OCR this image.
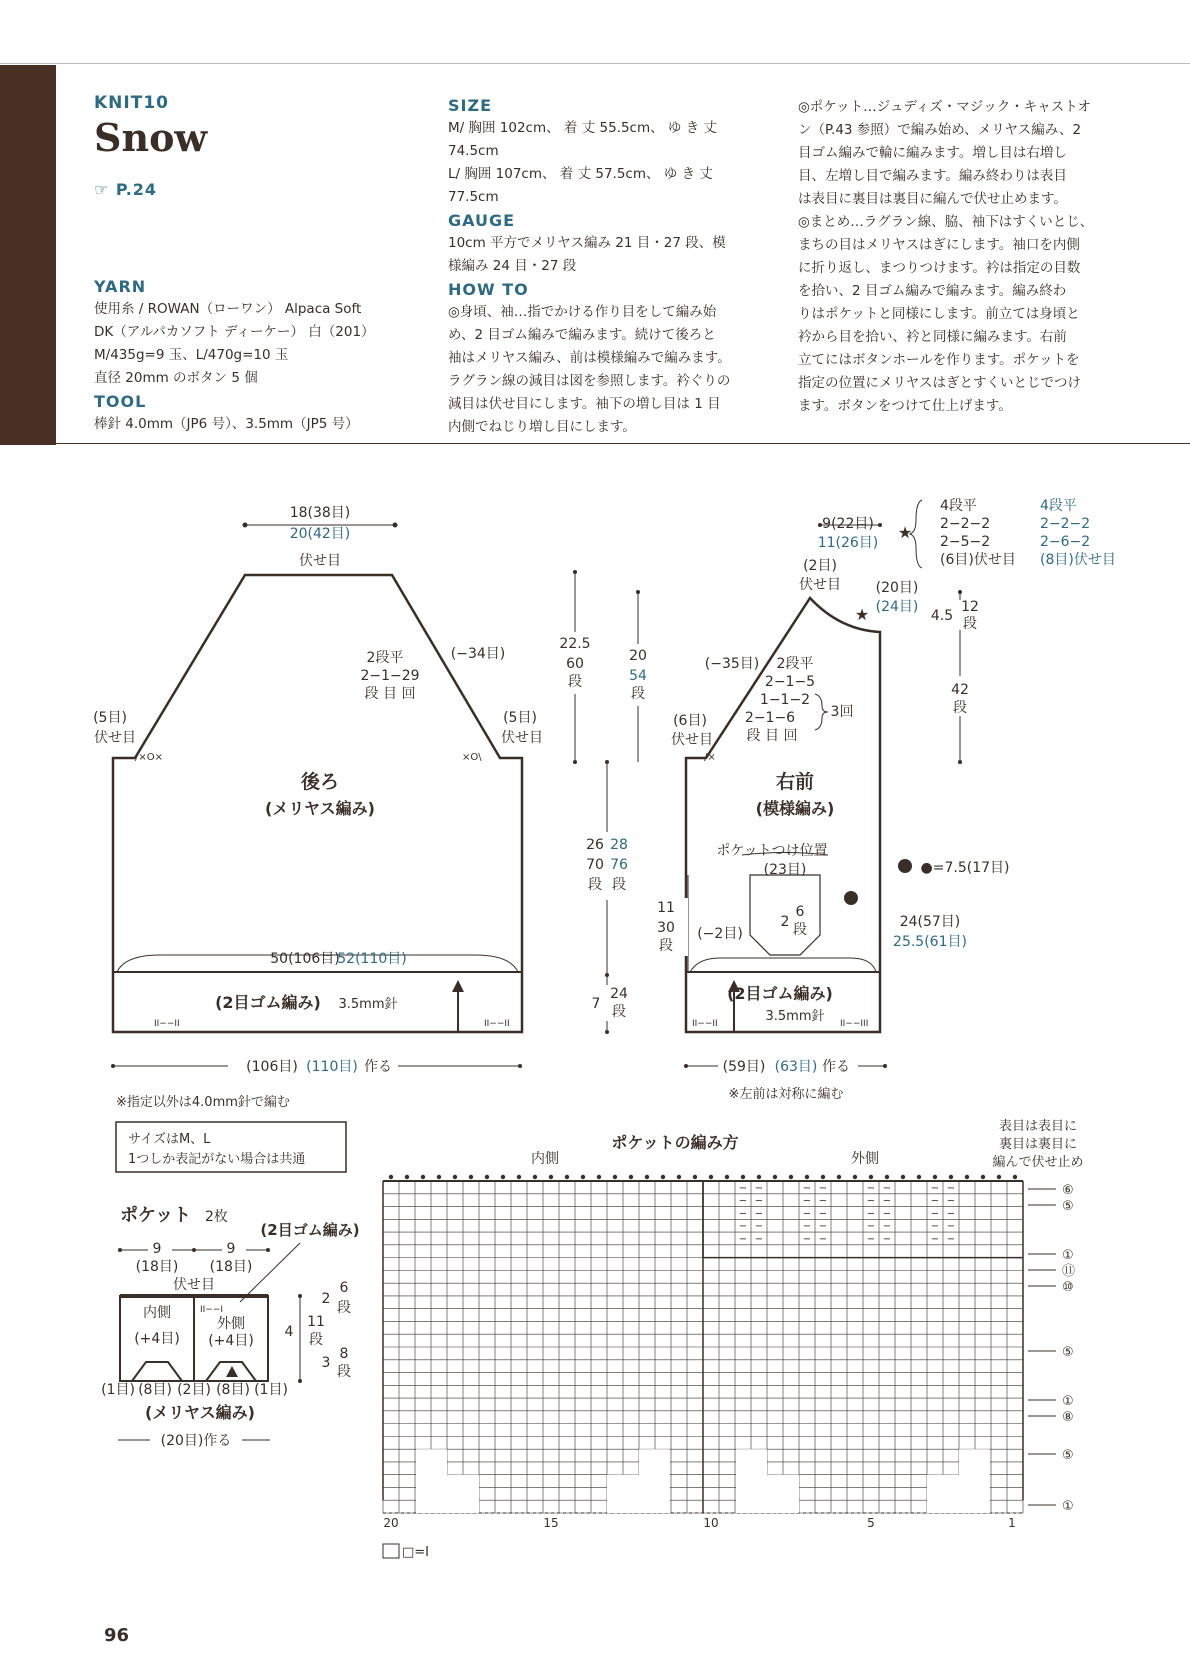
KNIT10
Snow
☞ P.24
YARN
使用糸 / ROWAN（ローワン） Alpaca Soft
DK（アルパカソフト ディーケー） 白（201）
M/435g=9 玉、L/470g=10 玉
直径 20mm のボタン 5 個
TOOL
棒針 4.0mm（JP6 号）、3.5mm（JP5 号）
SIZE
M/ 胸囲 102cm、 着 丈 55.5cm、 ゆ き 丈
74.5cm
L/ 胸囲 107cm、 着 丈 57.5cm、 ゆ き 丈
77.5cm
GAUGE
10cm 平方でメリヤス編み 21 目・27 段、模
様編み 24 目・27 段
HOW TO
◎身頃、袖…指でかける作り目をして編み始
め、2 目ゴム編みで編みます。続けて後ろと
袖はメリヤス編み、前は模様編みで編みます。
ラグラン線の減目は図を参照します。衿ぐりの
減目は伏せ目にします。袖下の増し目は 1 目
内側でねじり増し目にします。
◎ポケット…ジュディズ・マジック・キャストオ
ン（P.43 参照）で編み始め、メリヤス編み、2
目ゴム編みで輪に編みます。増し目は右増し
目、左増し目で編みます。編み終わりは表目
は表目に裏目は裏目に編んで伏せ止めます。
◎まとめ…ラグラン線、脇、袖下はすくいとじ、
まちの目はメリヤスはぎにします。袖口を内側
に折り返し、まつりつけます。衿は指定の目数
を拾い、2 目ゴム編みで編みます。編み終わ
りはポケットと同様にします。前立ては身頃と
衿から目を拾い、衿と同様に編みます。右前
立てにはボタンホールを作ります。ポケットを
指定の位置にメリヤスはぎとすくいとじでつけ
ます。ボタンをつけて仕上げます。
II−−II	II−−II
/×O×	×O\
18(38目)
20(42目)
伏せ目
2段平
2−1−29
段 目 回
(−34目)
(5目)
伏せ目
(5目)
伏せ目
後ろ
(メリヤス編み)
50(106目)
52(110目)
(2目ゴム編み) 3.5mm針
(106目) (110目) 作る
22.5
60
段
20
54
段
26
70
段
28
76
段
7
24
段
II−−II	II−−III
/×
9(22目)
11(26目)
★
4段平
2−2−2
2−5−2
(6目)伏せ目
4段平
2−2−2
2−6−2
(8目)伏せ目
(2目)
伏せ目
★
(20目)
(24目)
4.5
12
段
42
段
(−35目) 2段平
2−1−5
1−1−2
2−1−6
段 目 回
3回
(6目)
伏せ目
右前
(模様編み)
ポケットつけ位置
(23目)	●=7.5(17目)
11
30
段
(−2目)
2
6
段	24(57目)
25.5(61目)
(2目ゴム編み)
3.5mm針
(59目) (63目) 作る
※左前は対称に編む
※指定以外は4.0mm針で編む
サイズはM、L
1つしか表記がない場合は共通
ポケット 2枚
(2目ゴム編み)
9
(18目)
9
(18目)
伏せ目
II−−I
内側
外側
(+4目) (+4目)
4
2
6
段
11
段
3
8
段
(1目) (8目) (2目) (8目) (1目)
(メリヤス編み)
(20目)作る
ポケットの編み方
内側	外側
表目は表目に
裏目は裏目に
編んで伏せ止め
− −	− −	− −	− −
− −	− −	− −	− −
− −	− −	− −	− −
− −	− −	− −	− −
− −	− −	− −	− −
⑥
⑤
①
⑪
⑩
⑤
①
⑧
⑤
①
20	15	10	5	1
□=Ⅰ
96
